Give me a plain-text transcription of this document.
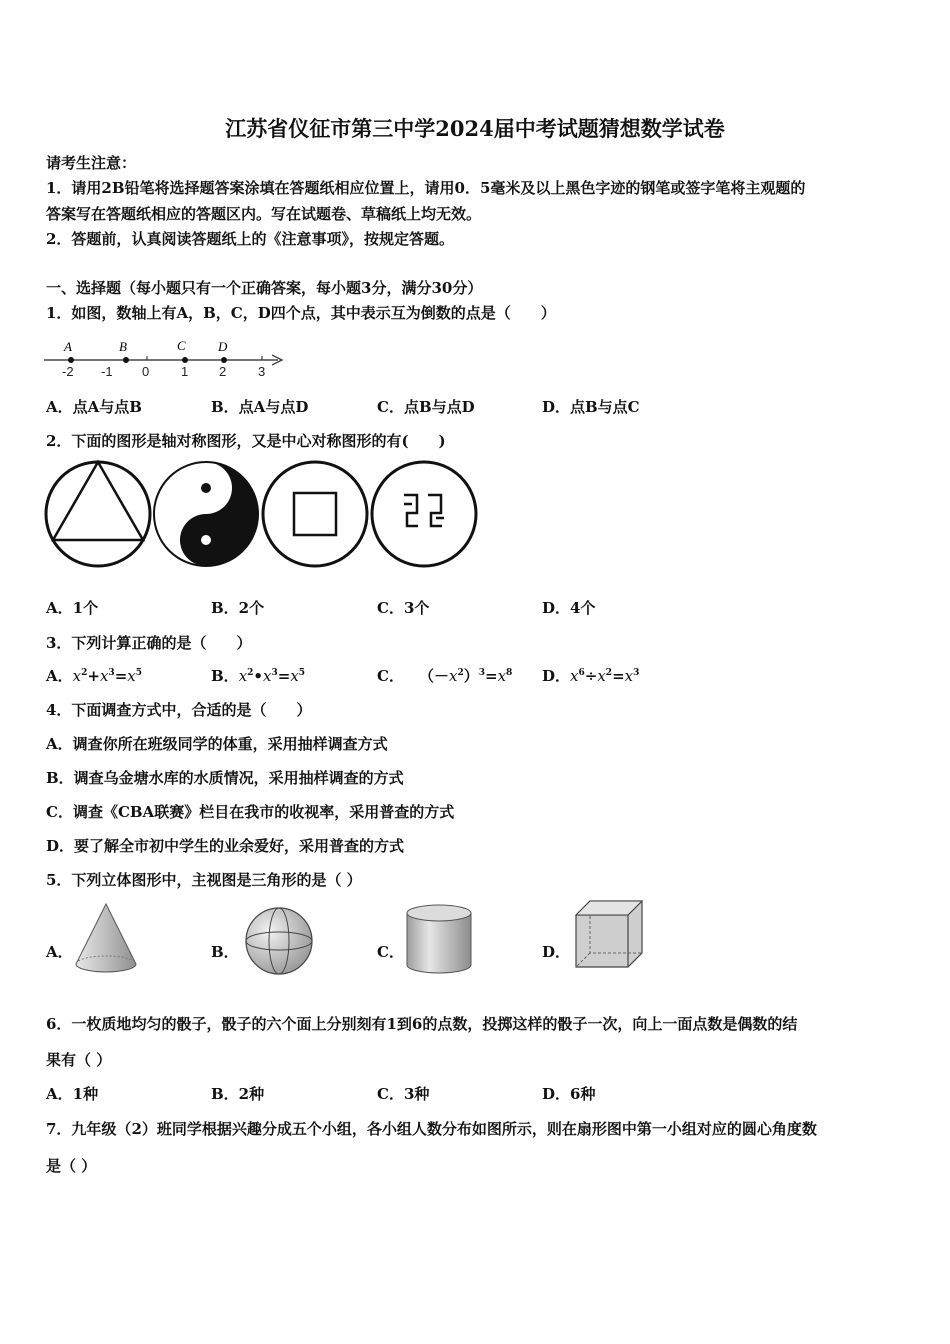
江苏省仪征市第三中学2024届中考试题猜想数学试卷
请考生注意：
1．请用2B铅笔将选择题答案涂填在答题纸相应位置上，请用0．5毫米及以上黑色字迹的钢笔或签字笔将主观题的
答案写在答题纸相应的答题区内。写在试题卷、草稿纸上均无效。
2．答题前，认真阅读答题纸上的《注意事项》，按规定答题。
一、选择题（每小题只有一个正确答案，每小题3分，满分30分）
1．如图，数轴上有A，B，C，D四个点，其中表示互为倒数的点是（　　）
A	B	C D
-2 -1 0 1 2 3
A．点A与点B	B．点A与点D	C．点B与点D	D．点B与点C
2．下面的图形是轴对称图形，又是中心对称图形的有(　　)
A．1个	B．2个	C．3个	D．4个
3．下列计算正确的是（　　）
A．$x^2+x^3=x^5$	B．$x^2•x^3=x^5$	C．  $(-x^2)^3=x^8$ D．$x^6\div x^2=x^3$
4．下面调查方式中，合适的是（　　）
A．调查你所在班级同学的体重，采用抽样调查方式
B．调查乌金塘水库的水质情况，采用抽样调查的方式
C．调查《CBA联赛》栏目在我市的收视率，采用普查的方式
D．要了解全市初中学生的业余爱好，采用普查的方式
5．下列立体图形中，主视图是三角形的是（ ）
A．	B．	C．	D．
6．一枚质地均匀的骰子，骰子的六个面上分别刻有1到6的点数，投掷这样的骰子一次，向上一面点数是偶数的结
果有（ ）
A．1种	B．2种	C．3种	D．6种
7．九年级（2）班同学根据兴趣分成五个小组，各小组人数分布如图所示，则在扇形图中第一小组对应的圆心角度数
是（ ）
